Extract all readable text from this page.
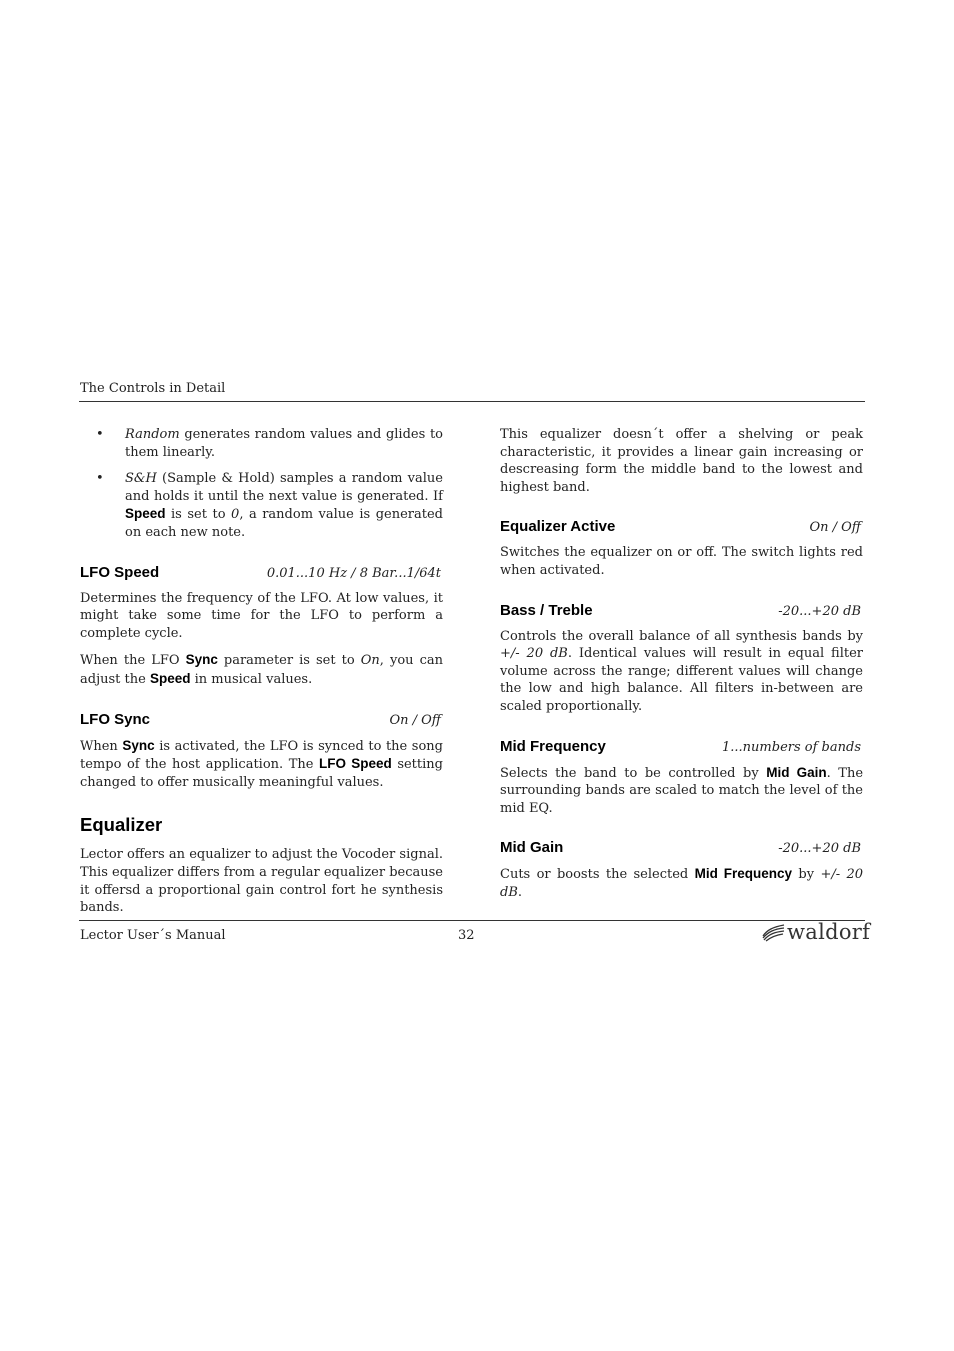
The Controls in Detail
• Random generates random values and glides to them linearly.
• S&H (Sample & Hold) samples a random value and holds it until the next value is generated. If Speed is set to 0, a random value is generated on each new note.
LFO Speed	0.01...10 Hz / 8 Bar...1/64t

Determines the frequency of the LFO. At low values, it might take some time for the LFO to perform a complete cycle.

When the LFO Sync parameter is set to On, you can adjust the Speed in musical values.

LFO Sync	On / Off

When Sync is activated, the LFO is synced to the song tempo of the host application. The LFO Speed setting changed to offer musically meaningful values.

Equalizer

Lector offers an equalizer to adjust the Vocoder signal. This equalizer differs from a regular equalizer because it offersd a proportional gain control fort he synthesis bands.

This equalizer doesn´t offer a shelving or peak characteristic, it provides a linear gain increasing or descreasing form the middle band to the lowest and highest band.

Equalizer Active	On / Off

Switches the equalizer on or off. The switch lights red when activated.

Bass / Treble	-20...+20 dB

Controls the overall balance of all synthesis bands by +/- 20 dB. Identical values will result in equal filter volume across the range; different values will change the low and high balance. All filters in-between are scaled proportionally.

Mid Frequency	1...numbers of bands

Selects the band to be controlled by Mid Gain. The surrounding bands are scaled to match the level of the mid EQ.

Mid Gain	-20...+20 dB

Cuts or boosts the selected Mid Frequency by +/- 20 dB.

Lector User´s Manual	32	waldorf
